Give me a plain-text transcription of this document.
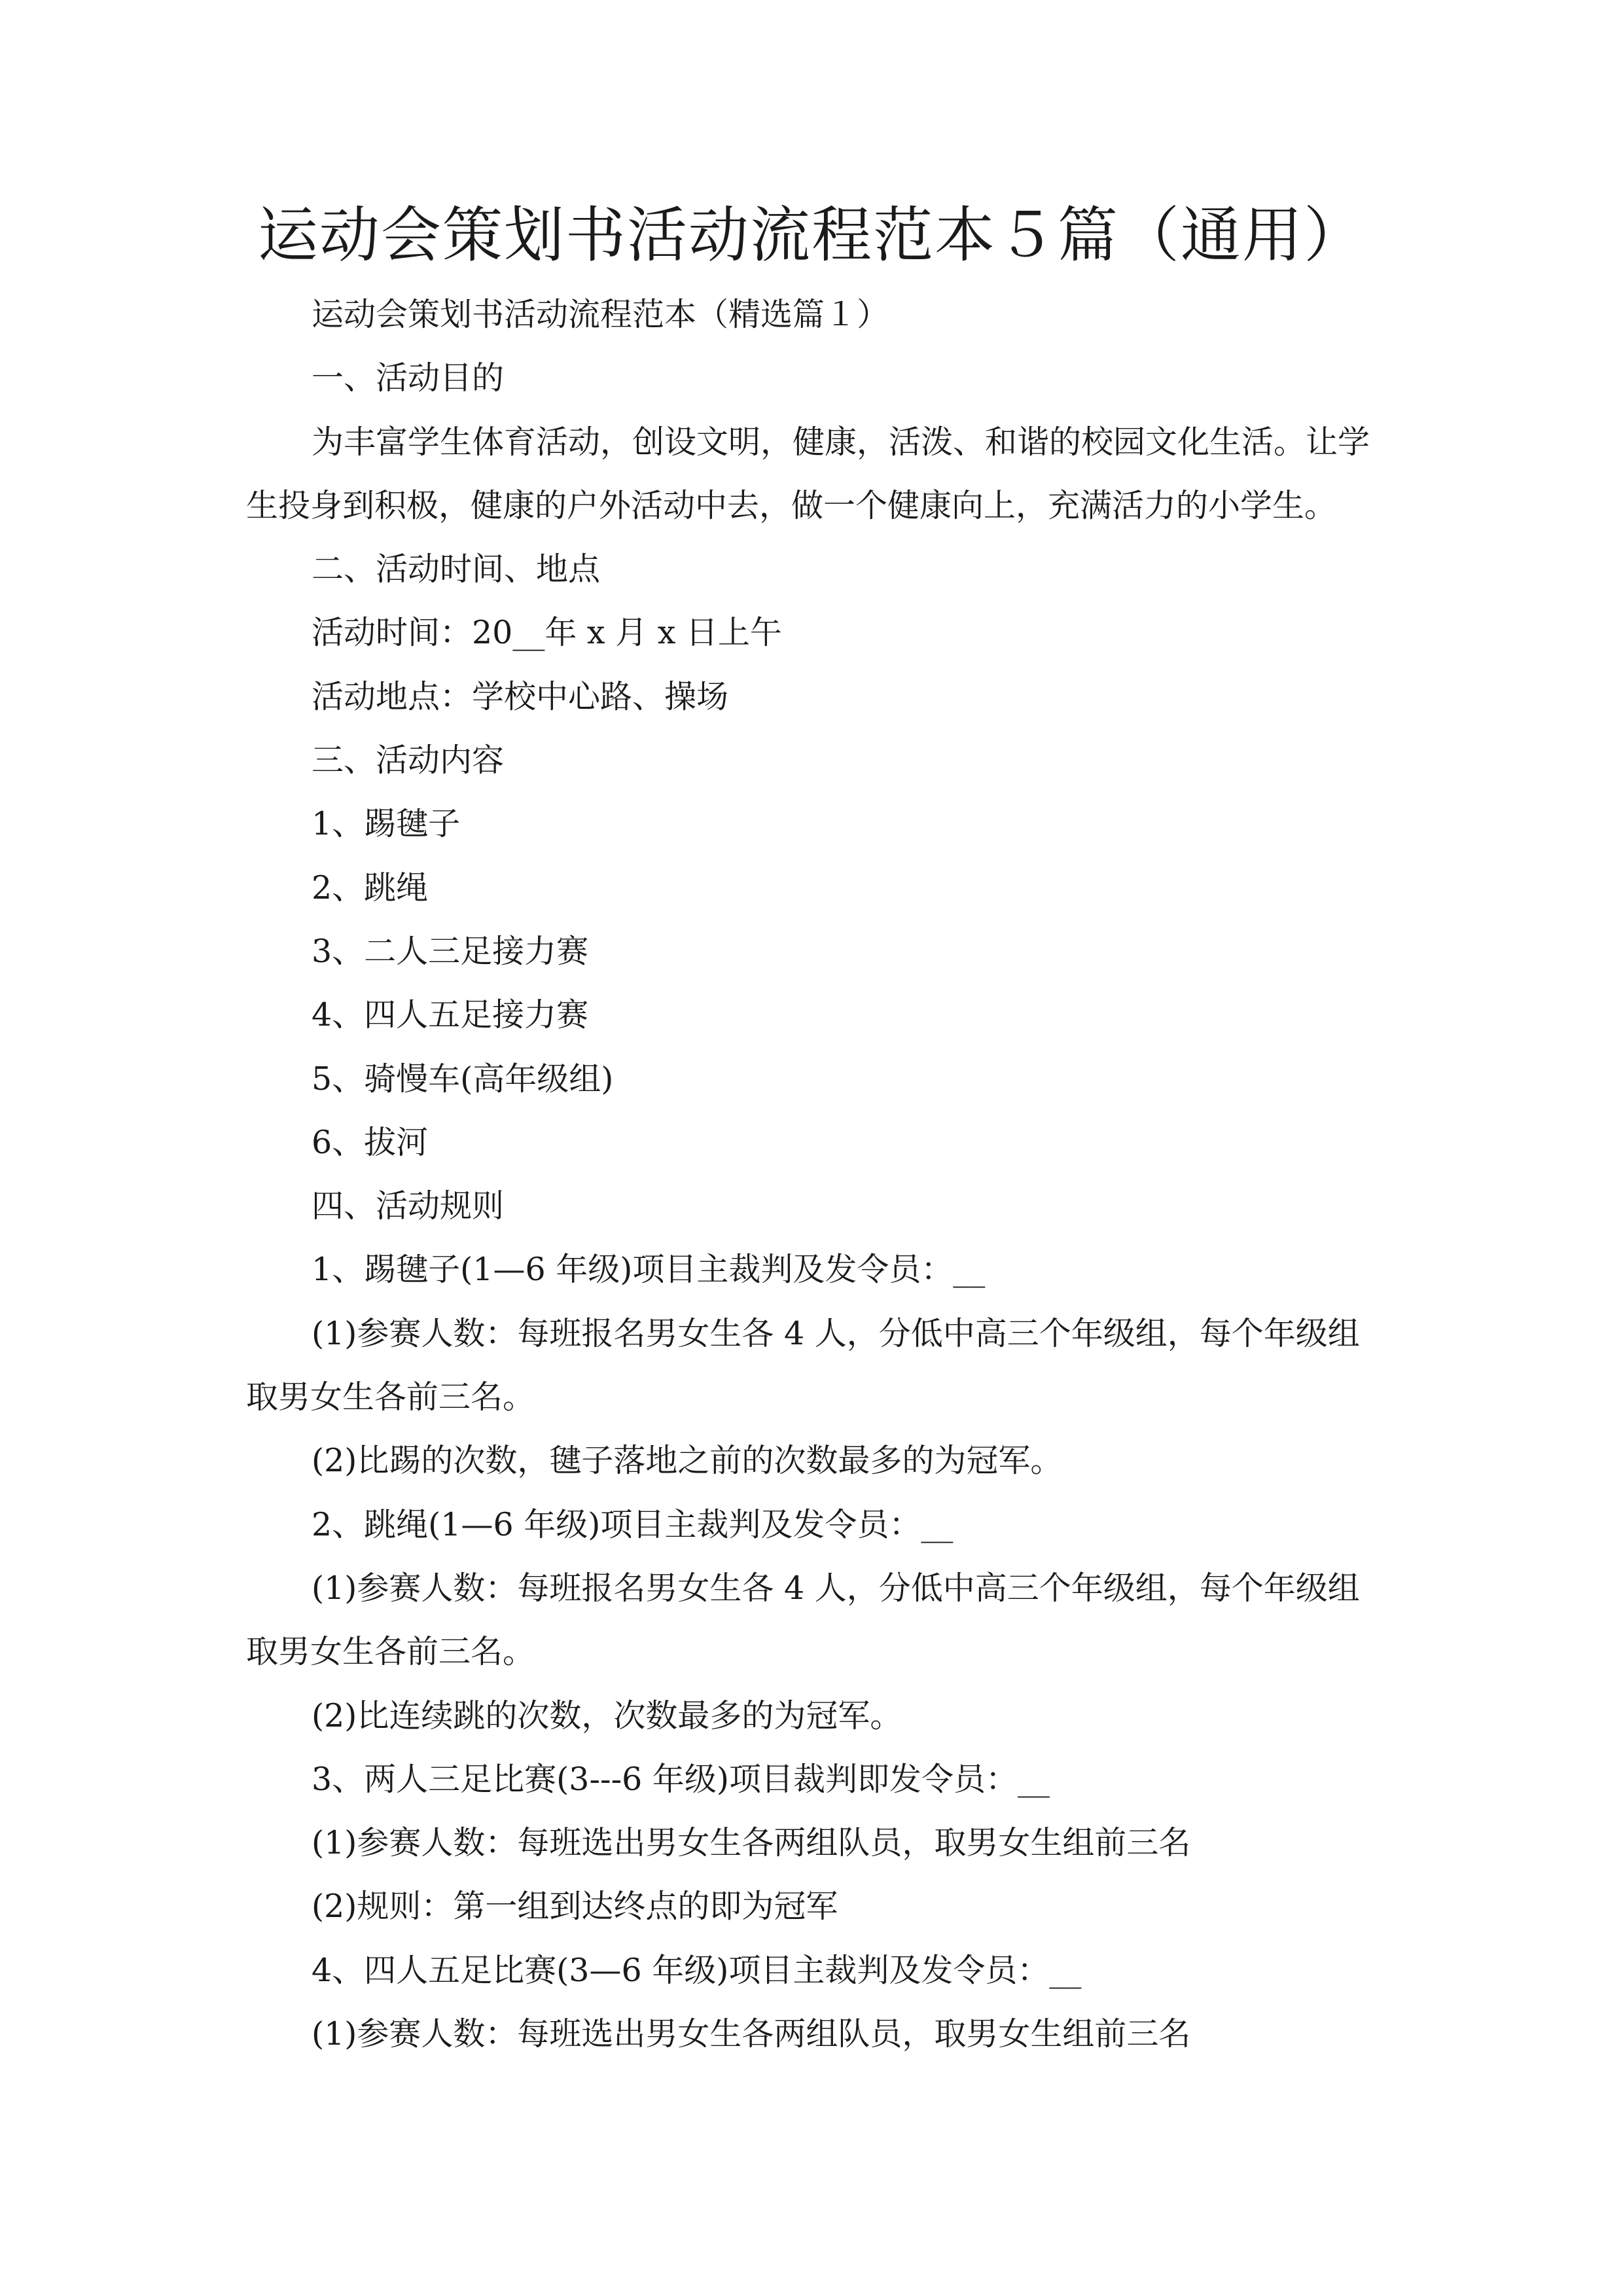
运动会策划书活动流程范本５篇（通用）

运动会策划书活动流程范本（精选篇１）

一、活动目的

为丰富学生体育活动，创设文明，健康，活泼、和谐的校园文化生活。让学生投身到积极，健康的户外活动中去，做一个健康向上，充满活力的小学生。

二、活动时间、地点

活动时间：20__年 x 月 x 日上午

活动地点：学校中心路、操场

三、活动内容

1、踢毽子

2、跳绳

3、二人三足接力赛

4、四人五足接力赛

5、骑慢车(高年级组)

6、拔河

四、活动规则

1、踢毽子(1—6 年级)项目主裁判及发令员：__

(1)参赛人数：每班报名男女生各 4 人，分低中高三个年级组，每个年级组取男女生各前三名。

(2)比踢的次数，毽子落地之前的次数最多的为冠军。

2、跳绳(1—6 年级)项目主裁判及发令员：__

(1)参赛人数：每班报名男女生各 4 人，分低中高三个年级组，每个年级组取男女生各前三名。

(2)比连续跳的次数，次数最多的为冠军。

3、两人三足比赛(3---6 年级)项目裁判即发令员：__

(1)参赛人数：每班选出男女生各两组队员，取男女生组前三名

(2)规则：第一组到达终点的即为冠军

4、四人五足比赛(3—6 年级)项目主裁判及发令员：__

(1)参赛人数：每班选出男女生各两组队员，取男女生组前三名
